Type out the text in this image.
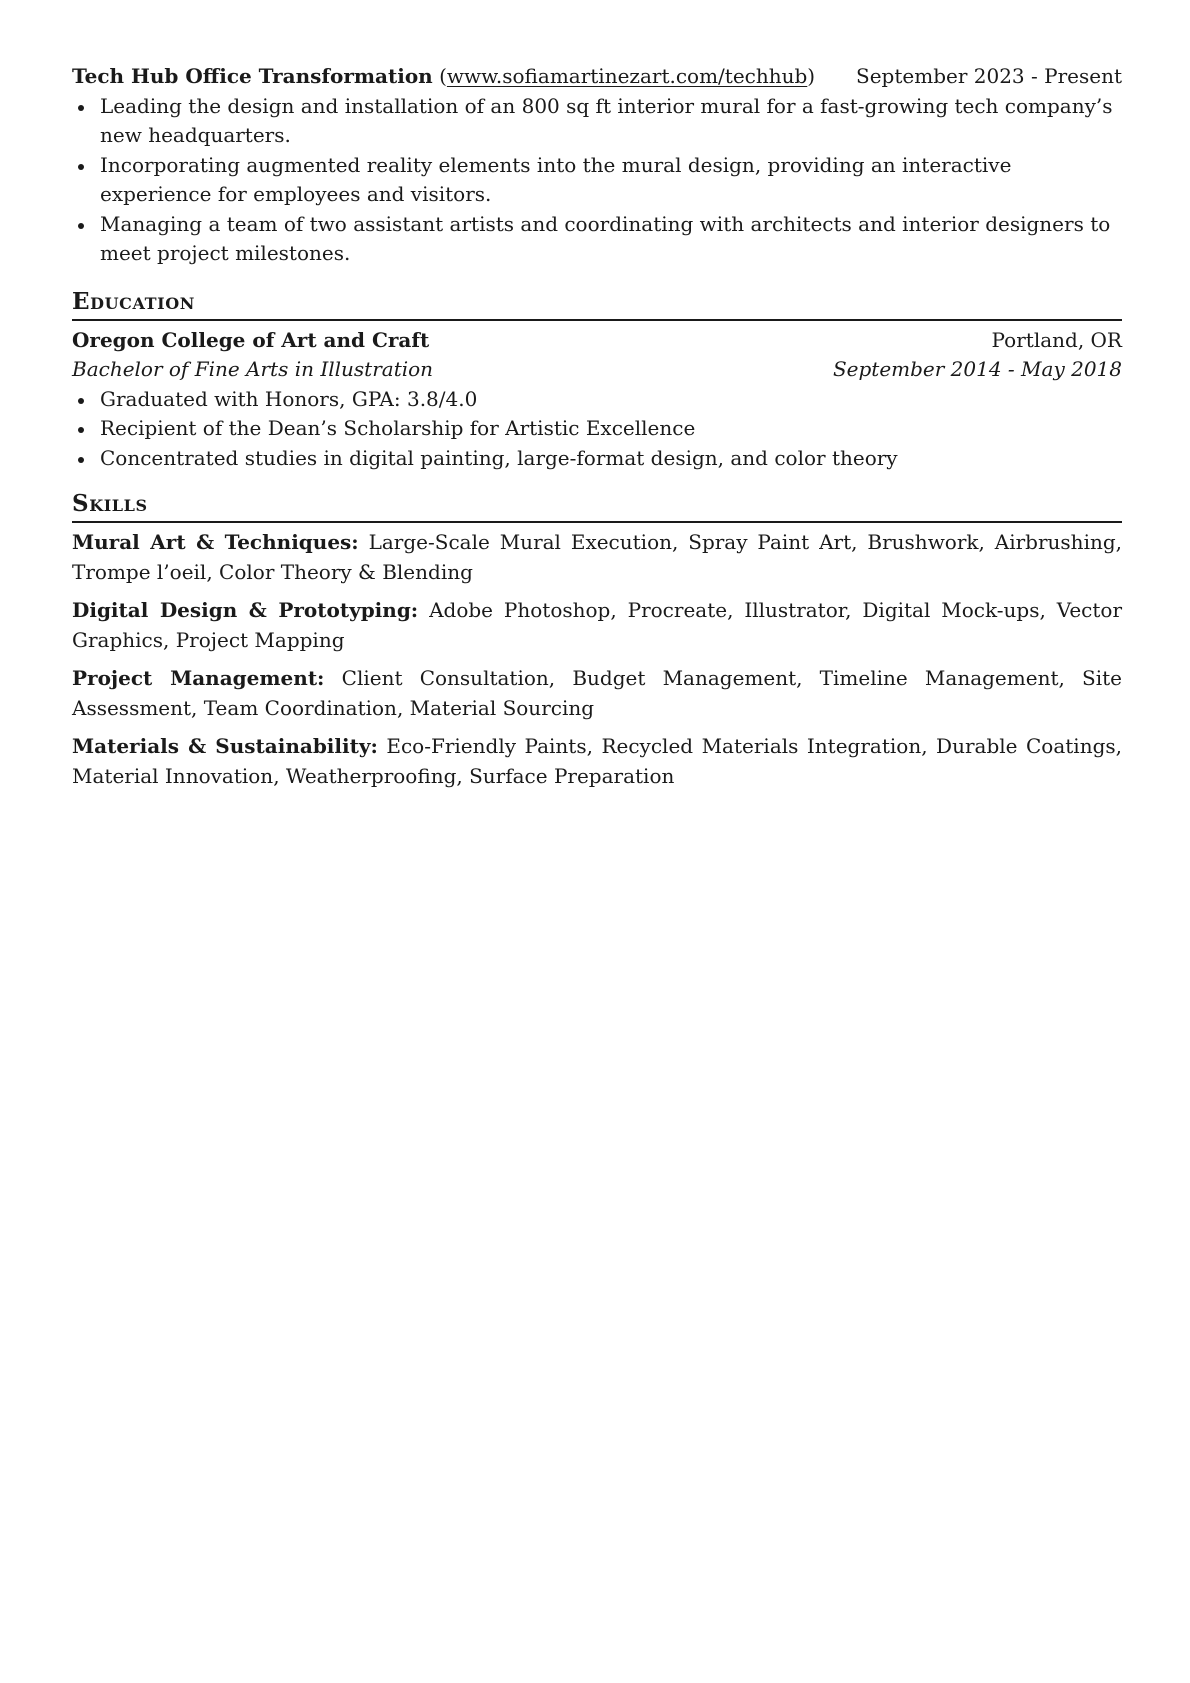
Tech Hub Office Transformation (www.sofiamartinezart.com/techhub) September 2023 - Present
Leading the design and installation of an 800 sq ft interior mural for a fast-growing tech company’s new headquarters.
Incorporating augmented reality elements into the mural design, providing an interactive experience for employees and visitors.
Managing a team of two assistant artists and coordinating with architects and interior designers to meet project milestones.
Education
Oregon College of Art and Craft	Portland, OR
Bachelor of Fine Arts in Illustration	September 2014 - May 2018
Graduated with Honors, GPA: 3.8/4.0
Recipient of the Dean’s Scholarship for Artistic Excellence
Concentrated studies in digital painting, large-format design, and color theory
Skills

Mural Art & Techniques: Large-Scale Mural Execution, Spray Paint Art, Brushwork, Airbrushing, Trompe l’oeil, Color Theory & Blending

Digital Design & Prototyping: Adobe Photoshop, Procreate, Illustrator, Digital Mock-ups, Vector Graphics, Project Mapping

Project Management: Client Consultation, Budget Management, Timeline Management, Site Assessment, Team Coordination, Material Sourcing

Materials & Sustainability: Eco-Friendly Paints, Recycled Materials Integration, Durable Coatings, Material Innovation, Weatherproofing, Surface Preparation
